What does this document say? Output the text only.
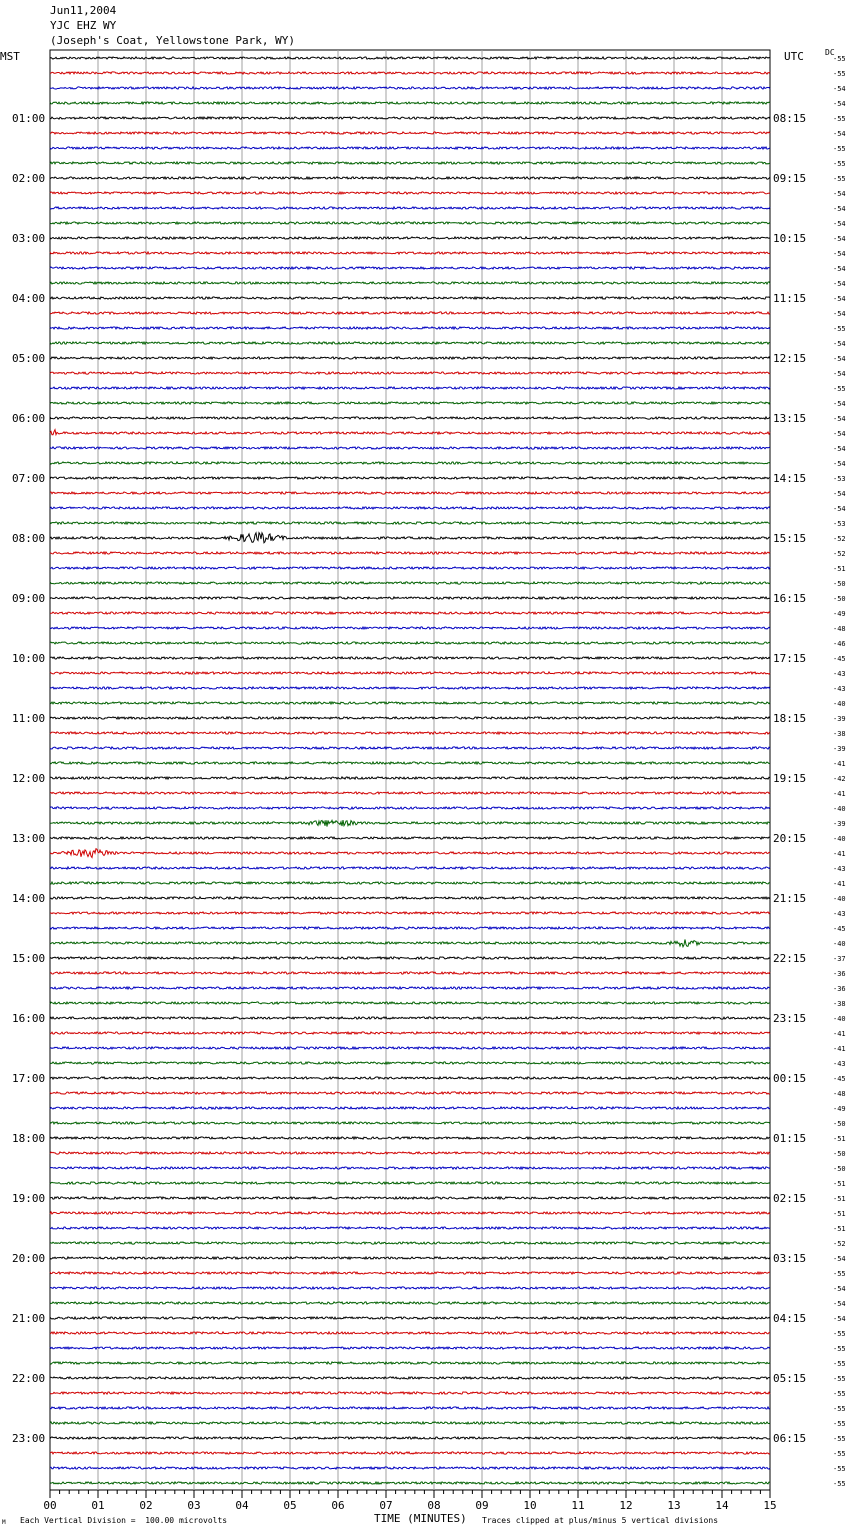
Jun11,2004
YJC EHZ WY
(Joseph's Coat, Yellowstone Park, WY)
MST	UTC	DC
-55
-55
-54
-54
-55
-54
-55
-55
-55
-54
-54
-54
-54
-54
-54
-54
-54
-54
-55
-54
-54
-54
-55
-54
-54
-54
-54
-54
-53
-54
-54
-53
-52
-52
-51
-50
-50
-49
-48
-46
-45
-43
-43
-40
-39
-38
-39
-41
-42
-41
-40
-39
-40
-41
-43
-41
-40
-43
-45
-40
-37
-36
-36
-38
-40
-41
-41
-43
-45
-48
-49
-50
-51
-50
-50
-51
-51
-51
-51
-52
-54
-55
-54
-54
-54
-55
-55
-55
-55
-55
-55
-55
-55
-55
-55
-55
01:00	08:15
02:00	09:15
03:00	10:15
04:00	11:15
05:00	12:15
06:00	13:15
07:00	14:15
08:00	15:15
09:00	16:15
10:00	17:15
11:00	18:15
12:00	19:15
13:00	20:15
14:00	21:15
15:00	22:15
16:00	23:15
17:00	00:15
18:00	01:15
19:00	02:15
20:00	03:15
21:00	04:15
22:00	05:15
23:00	06:15
00	01	02	03	04	05	06	07	08	09	10	11	12	13	14	15
Each Vertical Division =  100.00 microvolts	TIME (MINUTES) Traces clipped at plus/minus 5 vertical divisions
M
